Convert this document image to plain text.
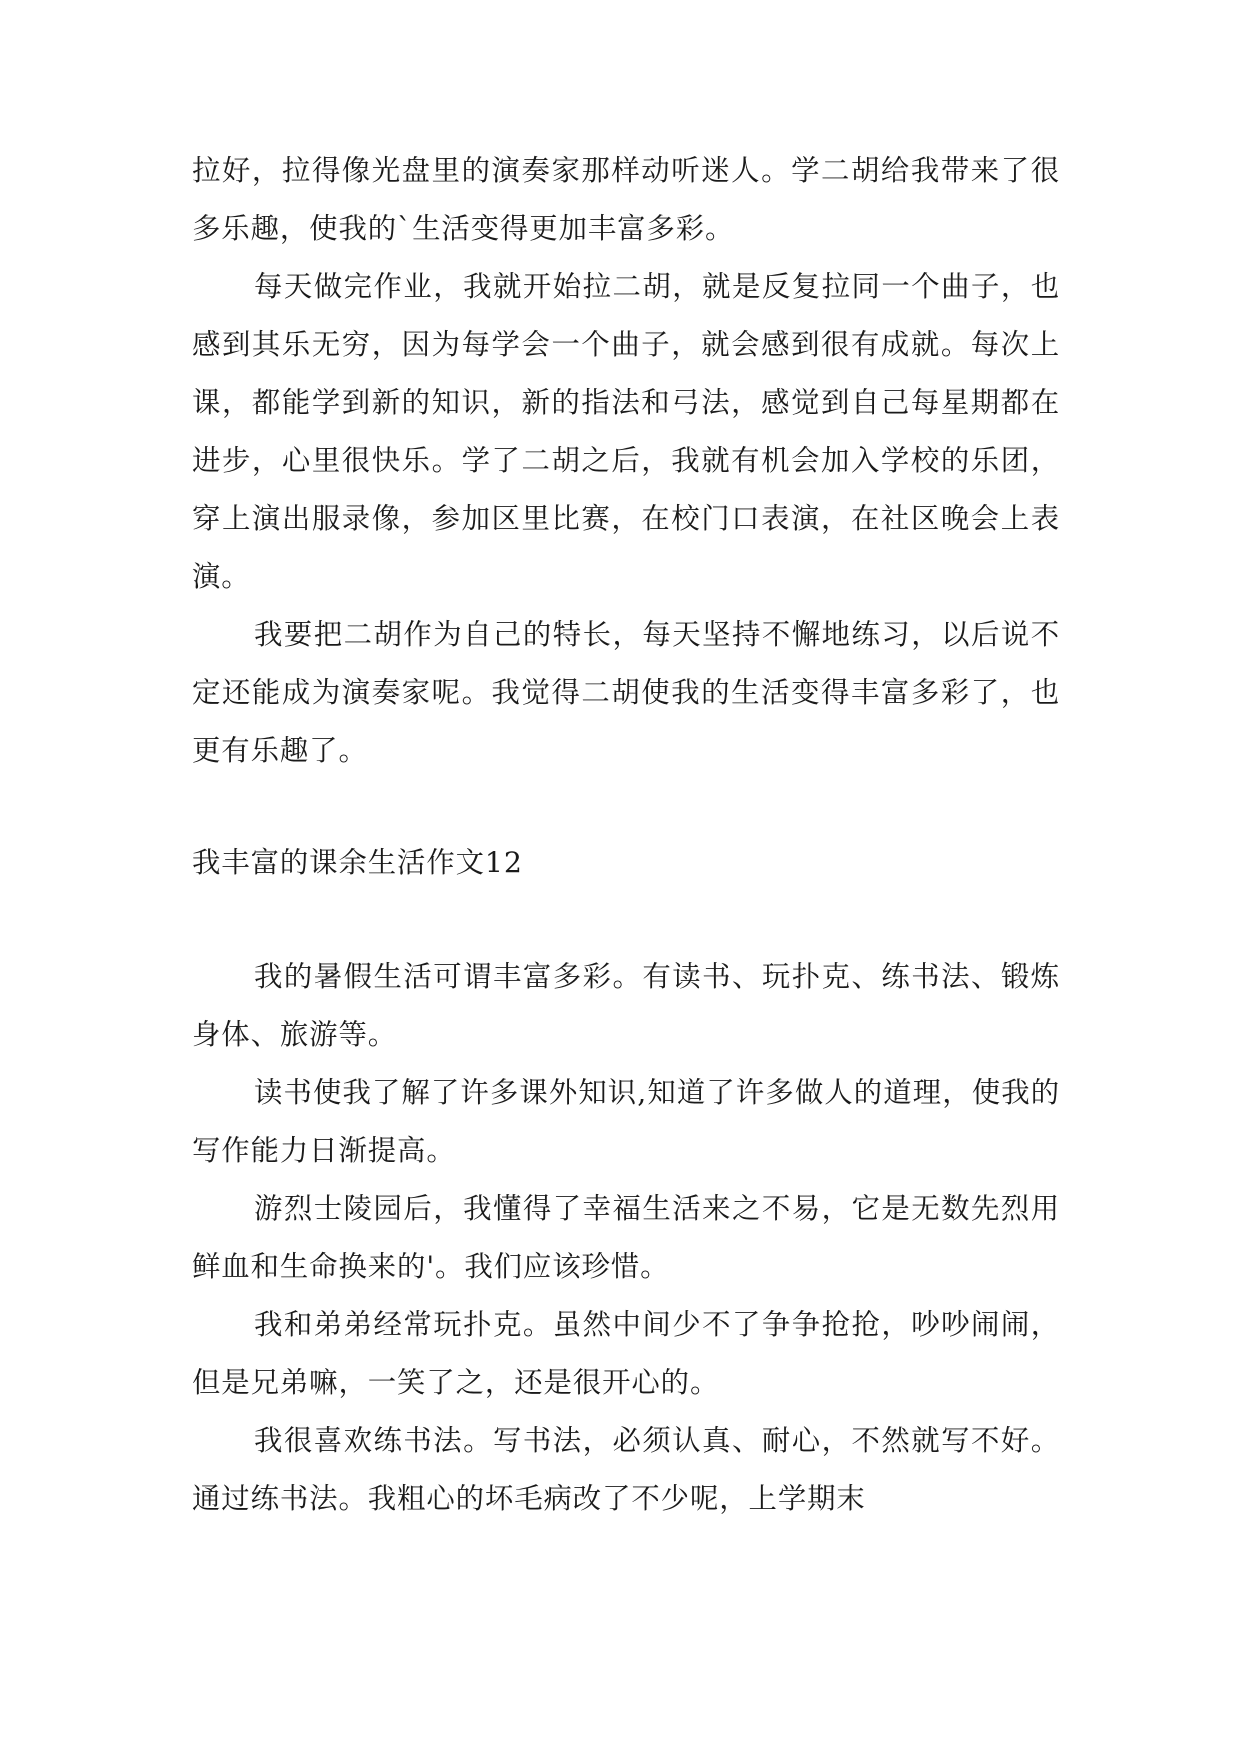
拉好，拉得像光盘里的演奏家那样动听迷人。学二胡给我带来了很多乐趣，使我的`生活变得更加丰富多彩。

每天做完作业，我就开始拉二胡，就是反复拉同一个曲子，也感到其乐无穷，因为每学会一个曲子，就会感到很有成就。每次上课，都能学到新的知识，新的指法和弓法，感觉到自己每星期都在进步，心里很快乐。学了二胡之后，我就有机会加入学校的乐团，穿上演出服录像，参加区里比赛，在校门口表演，在社区晚会上表演。

我要把二胡作为自己的特长，每天坚持不懈地练习，以后说不定还能成为演奏家呢。我觉得二胡使我的生活变得丰富多彩了，也更有乐趣了。

我丰富的课余生活作文12

我的暑假生活可谓丰富多彩。有读书、玩扑克、练书法、锻炼身体、旅游等。

读书使我了解了许多课外知识,知道了许多做人的道理，使我的写作能力日渐提高。

游烈士陵园后，我懂得了幸福生活来之不易，它是无数先烈用鲜血和生命换来的'。我们应该珍惜。

我和弟弟经常玩扑克。虽然中间少不了争争抢抢，吵吵闹闹，但是兄弟嘛，一笑了之，还是很开心的。

我很喜欢练书法。写书法，必须认真、耐心，不然就写不好。通过练书法。我粗心的坏毛病改了不少呢，上学期末
